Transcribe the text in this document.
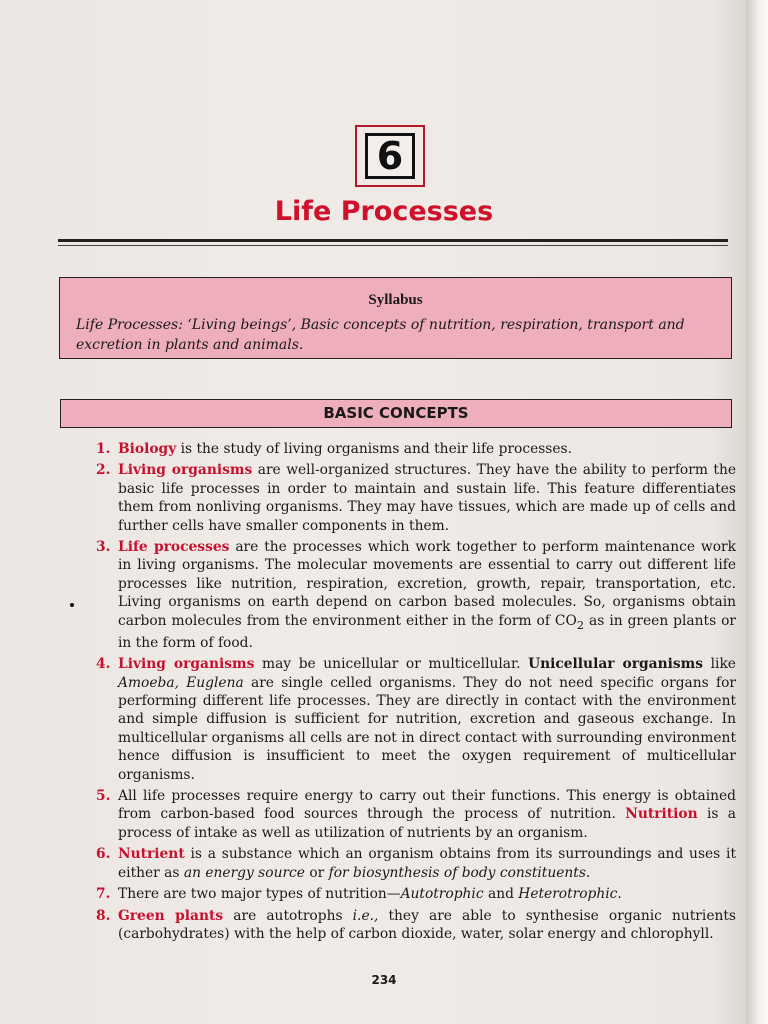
6
Life Processes
Syllabus
Life Processes: ‘Living beings’, Basic concepts of nutrition, respiration, transport and excretion in plants and animals.
BASIC CONCEPTS
1. Biology is the study of living organisms and their life processes.
2. Living organisms are well-organized structures. They have the ability to perform the basic life processes in order to maintain and sustain life. This feature differentiates them from nonliving organisms. They may have tissues, which are made up of cells and further cells have smaller components in them.
3. Life processes are the processes which work together to perform maintenance work in living organisms. The molecular movements are essential to carry out different life processes like nutrition, respiration, excretion, growth, repair, transportation, etc. Living organisms on earth depend on carbon based molecules. So, organisms obtain carbon molecules from the environment either in the form of $CO_2$ as in green plants or in the form of food.
4. Living organisms may be unicellular or multicellular. Unicellular organisms like Amoeba, Euglena are single celled organisms. They do not need specific organs for performing different life processes. They are directly in contact with the environment and simple diffusion is sufficient for nutrition, excretion and gaseous exchange. In multicellular organisms all cells are not in direct contact with surrounding environment hence diffusion is insufficient to meet the oxygen requirement of multicellular organisms.
5. All life processes require energy to carry out their functions. This energy is obtained from carbon-based food sources through the process of nutrition. Nutrition is a process of intake as well as utilization of nutrients by an organism.
6. Nutrient is a substance which an organism obtains from its surroundings and uses it either as an energy source or for biosynthesis of body constituents.
7. There are two major types of nutrition—Autotrophic and Heterotrophic.
8. Green plants are autotrophs i.e., they are able to synthesise organic nutrients (carbohydrates) with the help of carbon dioxide, water, solar energy and chlorophyll.
234
